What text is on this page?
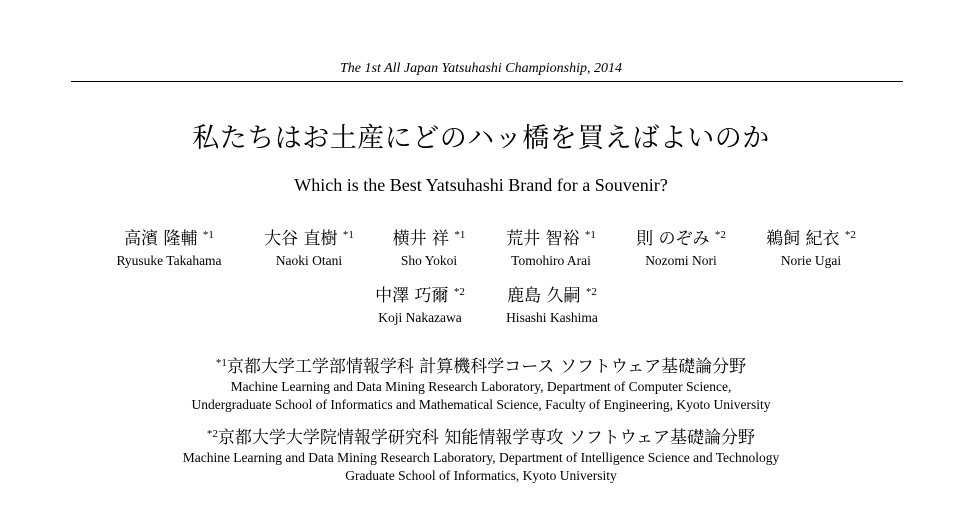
The 1st All Japan Yatsuhashi Championship, 2014
私たちはお土産にどのハッ橋を買えばよいのか
Which is the Best Yatsuhashi Brand for a Souvenir?
高濱 隆輔 $^{*1}$
Ryusuke Takahama
大谷 直樹 $^{*1}$
Naoki Otani
横井 祥 $^{*1}$
Sho Yokoi
荒井 智裕 $^{*1}$
Tomohiro Arai
則 のぞみ $^{*2}$
Nozomi Nori
鵜飼 紀衣 $^{*2}$
Norie Ugai
中澤 巧爾 $^{*2}$
Koji Nakazawa
鹿島 久嗣 $^{*2}$
Hisashi Kashima
$^{*1}$京都大学工学部情報学科 計算機科学コース ソフトウェア基礎論分野
Machine Learning and Data Mining Research Laboratory, Department of Computer Science,
Undergraduate School of Informatics and Mathematical Science, Faculty of Engineering, Kyoto University
$^{*2}$京都大学大学院情報学研究科 知能情報学専攻 ソフトウェア基礎論分野
Machine Learning and Data Mining Research Laboratory, Department of Intelligence Science and Technology
Graduate School of Informatics, Kyoto University
